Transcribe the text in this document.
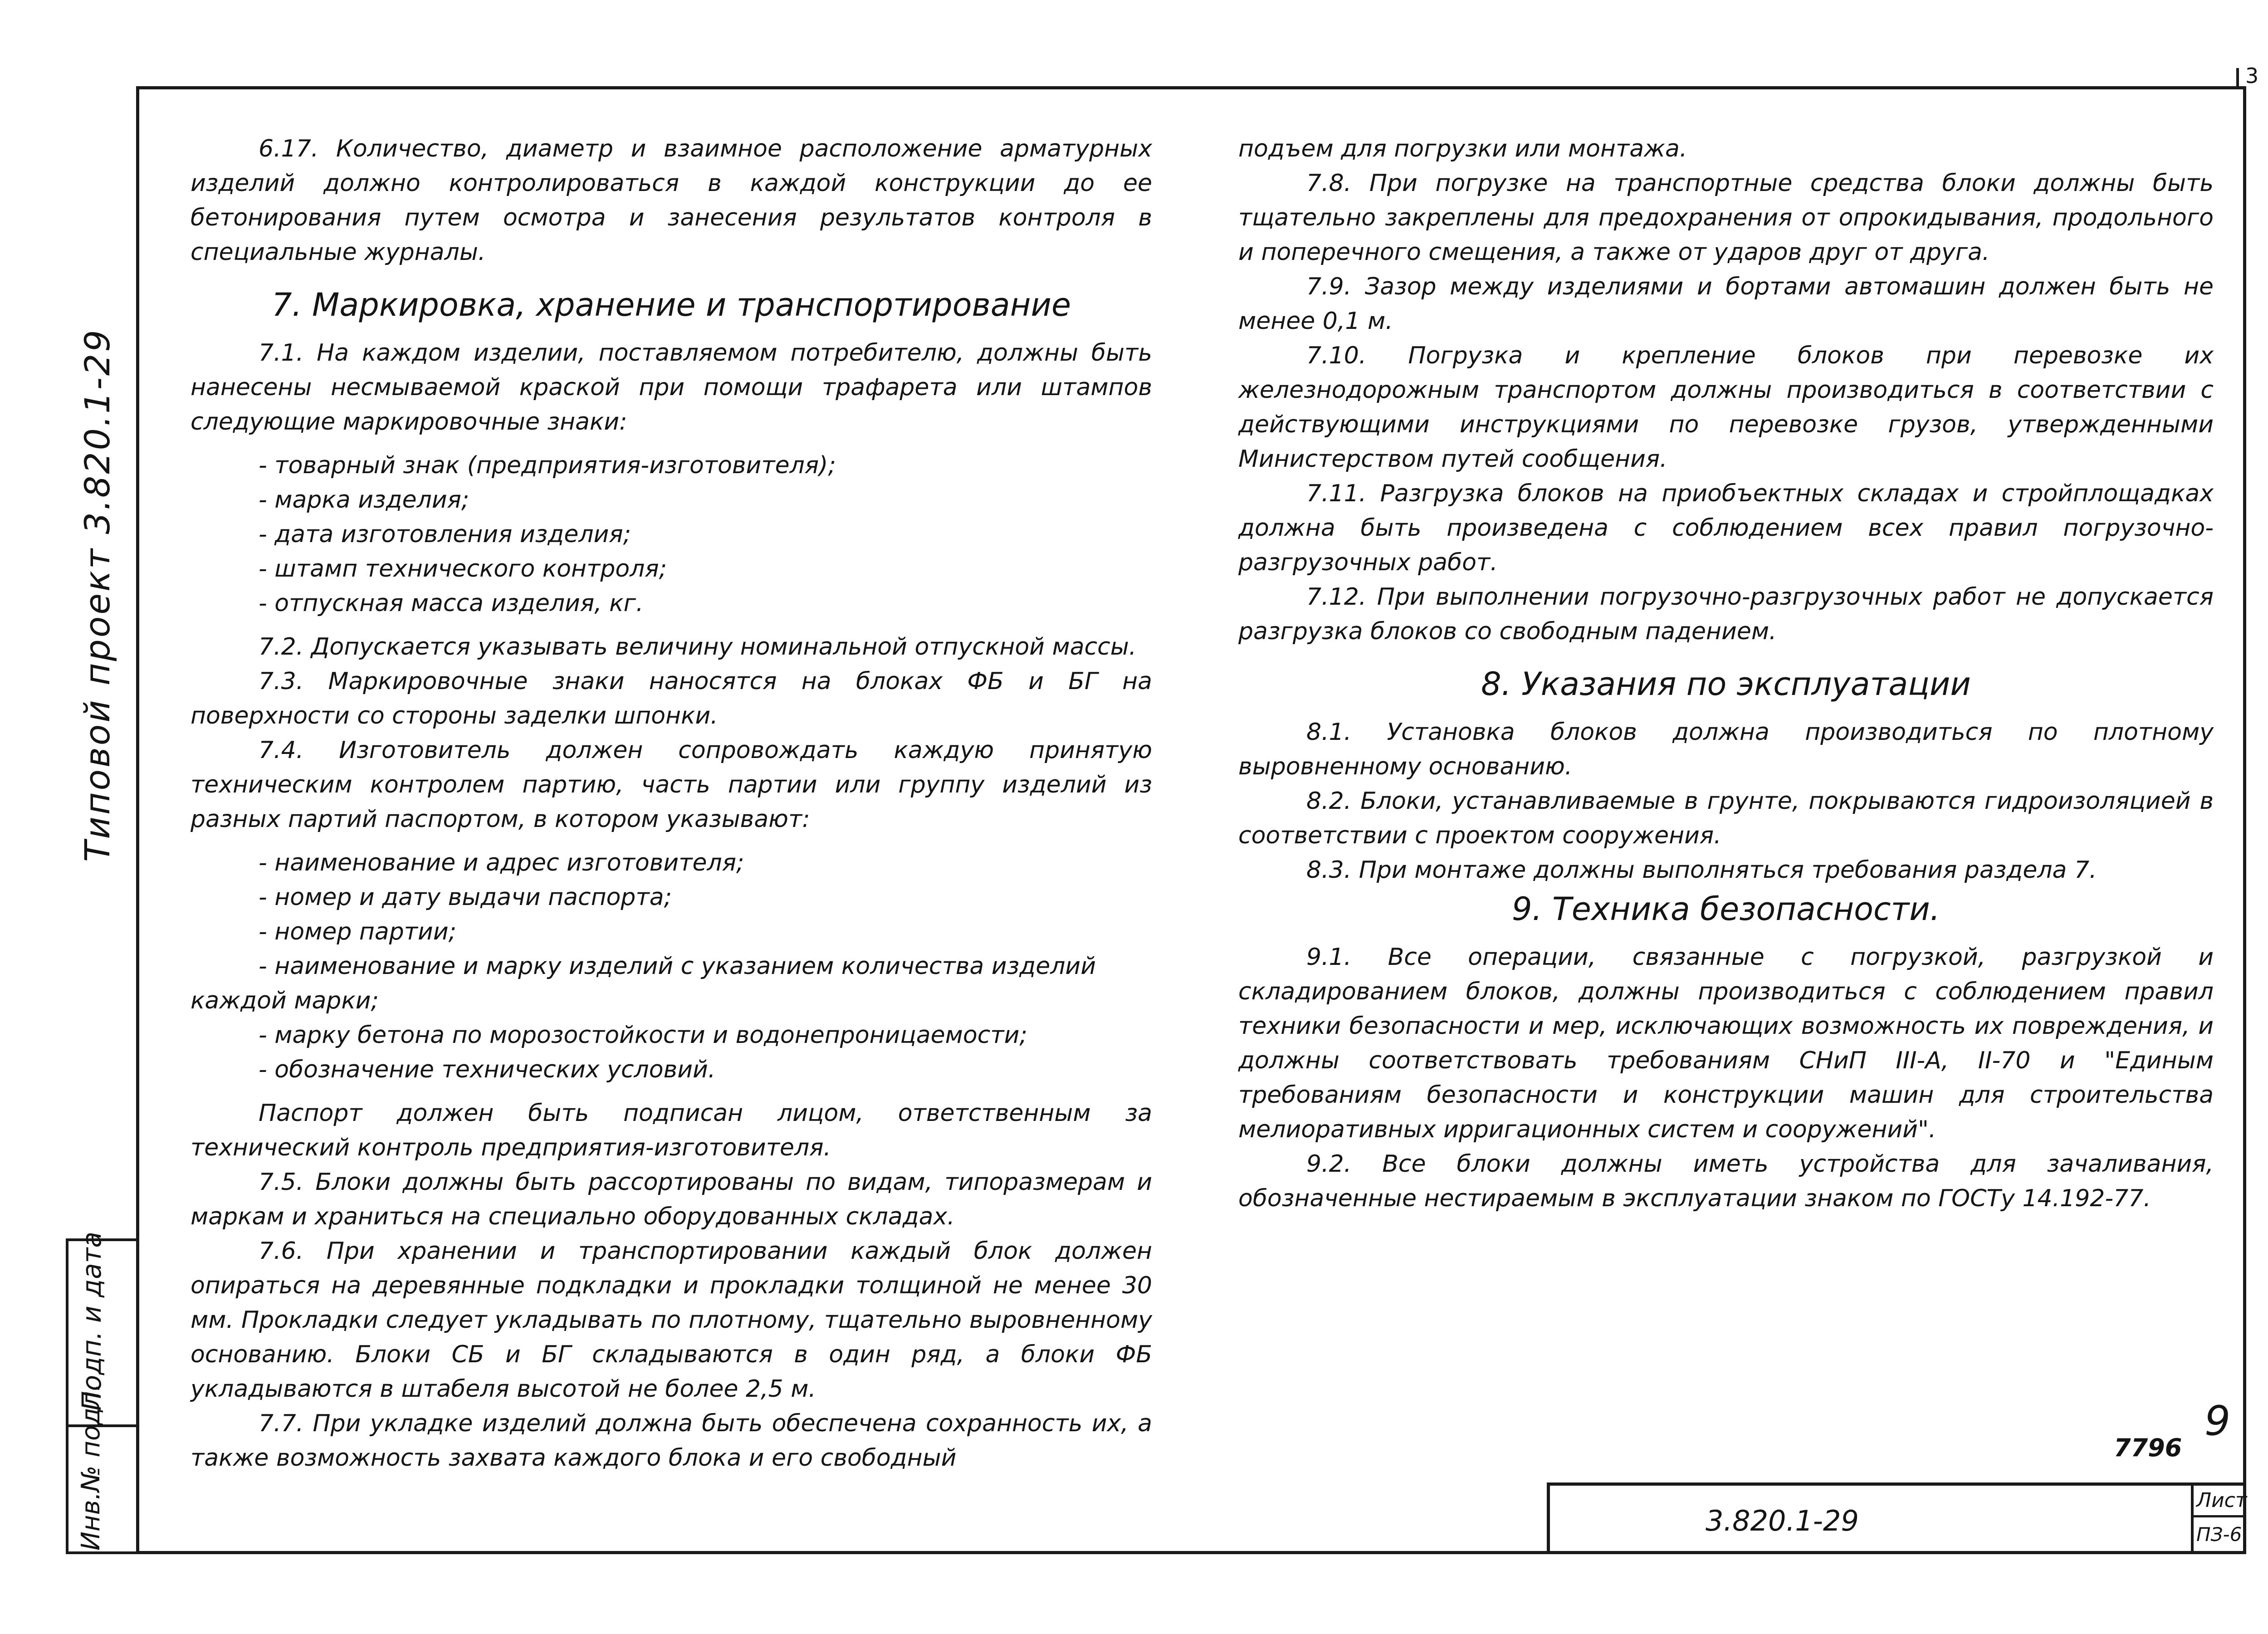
3
Типовой проект 3.820.1-29
Подп. и дата
Инв.№ подл.

6.17. Количество, диаметр и взаимное расположение арматурных изделий должно контролироваться в каждой конструкции до ее бетонирования путем осмотра и занесения результатов контроля в специальные журналы.

7. Маркировка, хранение и транспортирование

7.1. На каждом изделии, поставляемом потребителю, должны быть нанесены несмываемой краской при помощи трафарета или штампов следующие маркировочные знаки:

- товарный знак (предприятия-изготовителя);

- марка изделия;

- дата изготовления изделия;

- штамп технического контроля;

- отпускная масса изделия, кг.

7.2. Допускается указывать величину номинальной отпускной массы.

7.3. Маркировочные знаки наносятся на блоках ФБ и БГ на поверхности со стороны заделки шпонки.

7.4. Изготовитель должен сопровождать каждую принятую техническим контролем партию, часть партии или группу изделий из разных партий паспортом, в котором указывают:

- наименование и адрес изготовителя;

- номер и дату выдачи паспорта;

- номер партии;

- наименование и марку изделий с указанием количества изделий каждой марки;

- марку бетона по морозостойкости и водонепроницаемости;

- обозначение технических условий.

Паспорт должен быть подписан лицом, ответственным за технический контроль предприятия-изготовителя.

7.5. Блоки должны быть рассортированы по видам, типоразмерам и маркам и храниться на специально оборудованных складах.

7.6. При хранении и транспортировании каждый блок должен опираться на деревянные подкладки и прокладки толщиной не менее 30 мм. Прокладки следует укладывать по плотному, тщательно выровненному основанию. Блоки СБ и БГ складываются в один ряд, а блоки ФБ укладываются в штабеля высотой не более 2,5 м.

7.7. При укладке изделий должна быть обеспечена сохранность их, а также возможность захвата каждого блока и его свободный

подъем для погрузки или монтажа.

7.8. При погрузке на транспортные средства блоки должны быть тщательно закреплены для предохранения от опрокидывания, продольного и поперечного смещения, а также от ударов друг от друга.

7.9. Зазор между изделиями и бортами автомашин должен быть не менее 0,1 м.

7.10. Погрузка и крепление блоков при перевозке их железнодорожным транспортом должны производиться в соответствии с действующими инструкциями по перевозке грузов, утвержденными Министерством путей сообщения.

7.11. Разгрузка блоков на приобъектных складах и стройплощадках должна быть произведена с соблюдением всех правил погрузочно-разгрузочных работ.

7.12. При выполнении погрузочно-разгрузочных работ не допускается разгрузка блоков со свободным падением.

8. Указания по эксплуатации

8.1. Установка блоков должна производиться по плотному выровненному основанию.

8.2. Блоки, устанавливаемые в грунте, покрываются гидроизоляцией в соответствии с проектом сооружения.

8.3. При монтаже должны выполняться требования раздела 7.

9. Техника безопасности.

9.1. Все операции, связанные с погрузкой, разгрузкой и складированием блоков, должны производиться с соблюдением правил техники безопасности и мер, исключающих возможность их повреждения, и должны соответствовать требованиям СНиП III-А, II-70 и "Единым требованиям безопасности и конструкции машин для строительства мелиоративных ирригационных систем и сооружений".

9.2. Все блоки должны иметь устройства для зачаливания, обозначенные нестираемым в эксплуатации знаком по ГОСТу 14.192-77.

9
7796
3.820.1-29
Лист
ПЗ-6
